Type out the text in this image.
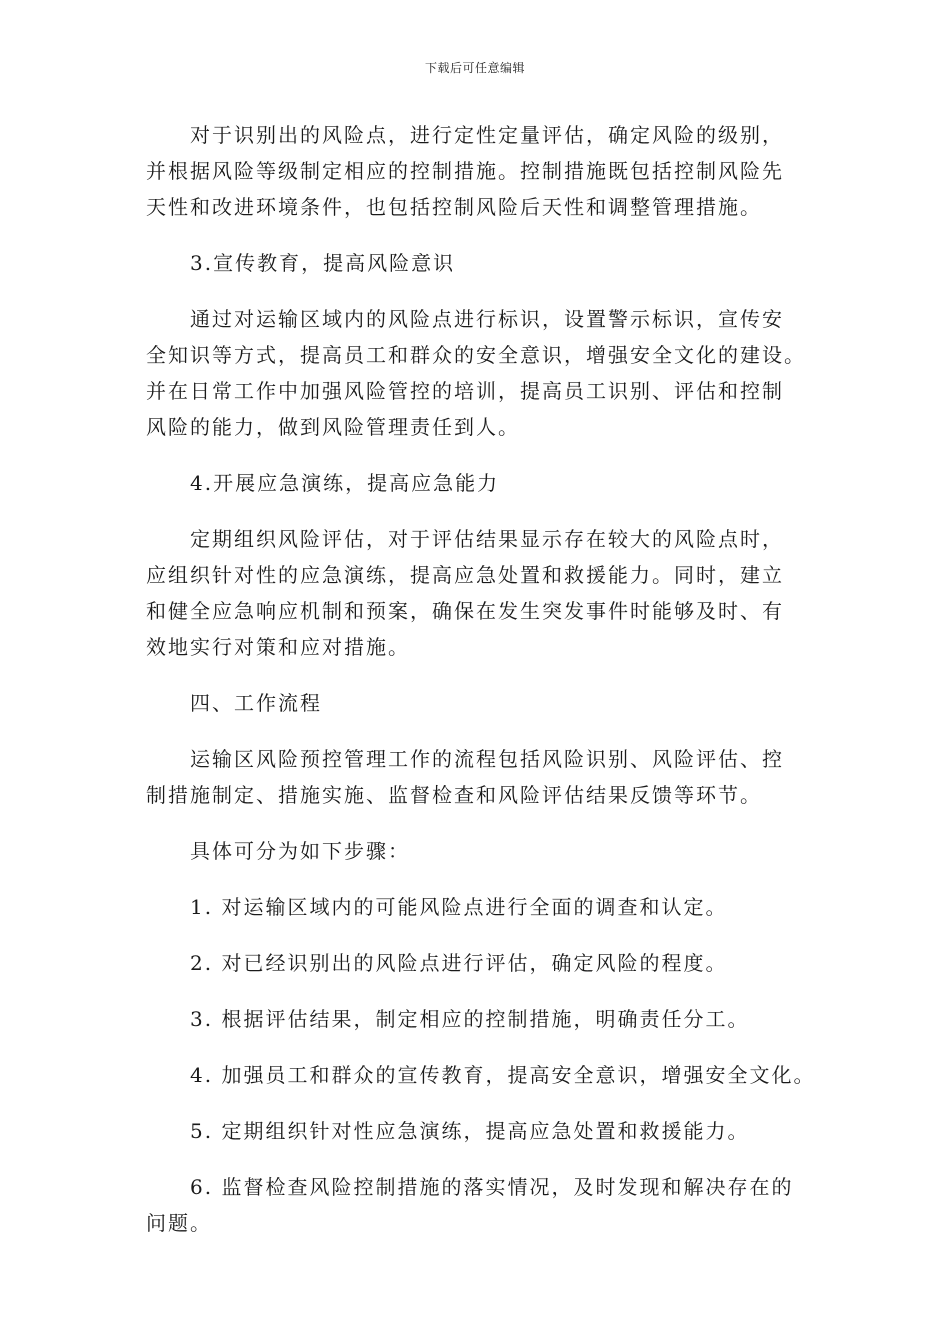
下载后可任意编辑

对于识别出的风险点，进行定性定量评估，确定风险的级别，
并根据风险等级制定相应的控制措施。控制措施既包括控制风险先
天性和改进环境条件，也包括控制风险后天性和调整管理措施。

3.宣传教育，提高风险意识

通过对运输区域内的风险点进行标识，设置警示标识，宣传安
全知识等方式，提高员工和群众的安全意识，增强安全文化的建设。
并在日常工作中加强风险管控的培训，提高员工识别、评估和控制
风险的能力，做到风险管理责任到人。

4.开展应急演练，提高应急能力

定期组织风险评估，对于评估结果显示存在较大的风险点时，
应组织针对性的应急演练，提高应急处置和救援能力。同时，建立
和健全应急响应机制和预案，确保在发生突发事件时能够及时、有
效地实行对策和应对措施。

四、工作流程

运输区风险预控管理工作的流程包括风险识别、风险评估、控
制措施制定、措施实施、监督检查和风险评估结果反馈等环节。

具体可分为如下步骤：

1. 对运输区域内的可能风险点进行全面的调查和认定。

2. 对已经识别出的风险点进行评估，确定风险的程度。

3. 根据评估结果，制定相应的控制措施，明确责任分工。

4. 加强员工和群众的宣传教育，提高安全意识，增强安全文化。

5. 定期组织针对性应急演练，提高应急处置和救援能力。

6. 监督检查风险控制措施的落实情况，及时发现和解决存在的
问题。
